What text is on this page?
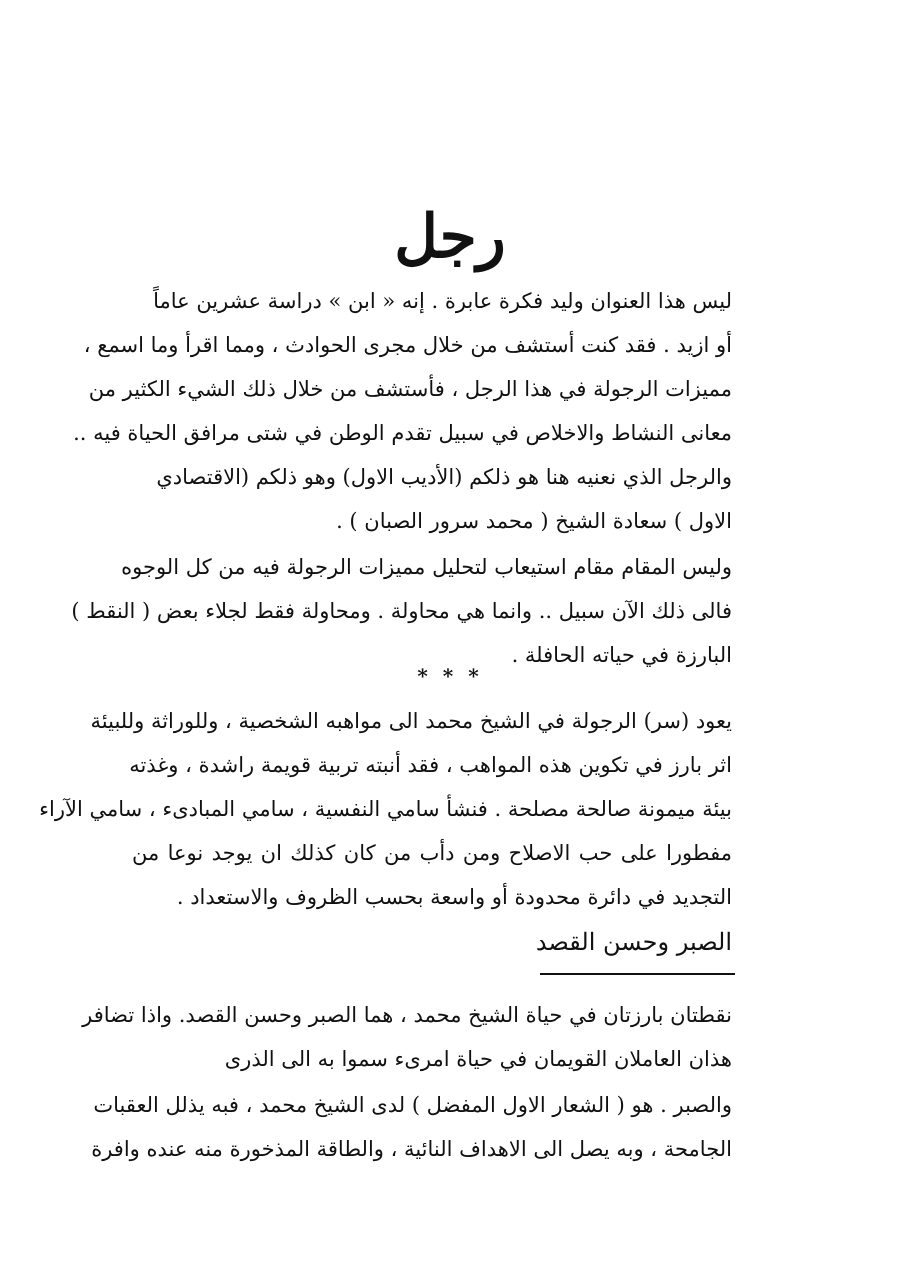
رجل
ليس هذا العنوان وليد فكرة عابرة . إنه « ابن » دراسة عشرين عاماً
أو ازيد . فقد كنت أستشف من خلال مجرى الحوادث ، ومما اقرأ وما اسمع ،
مميزات الرجولة في هذا الرجل ، فأستشف من خلال ذلك الشيء الكثير من
معانى النشاط والاخلاص في سبيل تقدم الوطن في شتى مرافق الحياة فيه ..
والرجل الذي نعنيه هنا هو ذلكم (الأديب الاول) وهو ذلكم (الاقتصادي
الاول ) سعادة الشيخ ( محمد سرور الصبان ) .
وليس المقام مقام استيعاب لتحليل مميزات الرجولة فيه من كل الوجوه
فالى ذلك الآن سبيل .. وانما هي محاولة . ومحاولة فقط لجلاء بعض ( النقط )
البارزة في حياته الحافلة .
* * *
يعود (سر) الرجولة في الشيخ محمد الى مواهبه الشخصية ، وللوراثة وللبيئة
اثر بارز في تكوين هذه المواهب ، فقد أنبته تربية قويمة راشدة ، وغذته
بيئة ميمونة صالحة مصلحة . فنشأ سامي النفسية ، سامي المبادىء ، سامي الآراء
مفطورا على حب الاصلاح ومن دأب من كان كذلك ان يوجد نوعا من
التجديد في دائرة محدودة أو واسعة بحسب الظروف والاستعداد .
الصبر وحسن القصد
نقطتان بارزتان في حياة الشيخ محمد ، هما الصبر وحسن القصد. واذا تضافر
هذان العاملان القويمان في حياة امرىء سموا به الى الذرى
والصبر . هو ( الشعار الاول المفضل ) لدى الشيخ محمد ، فبه يذلل العقبات
الجامحة ، وبه يصل الى الاهداف النائية ، والطاقة المذخورة منه عنده وافرة
